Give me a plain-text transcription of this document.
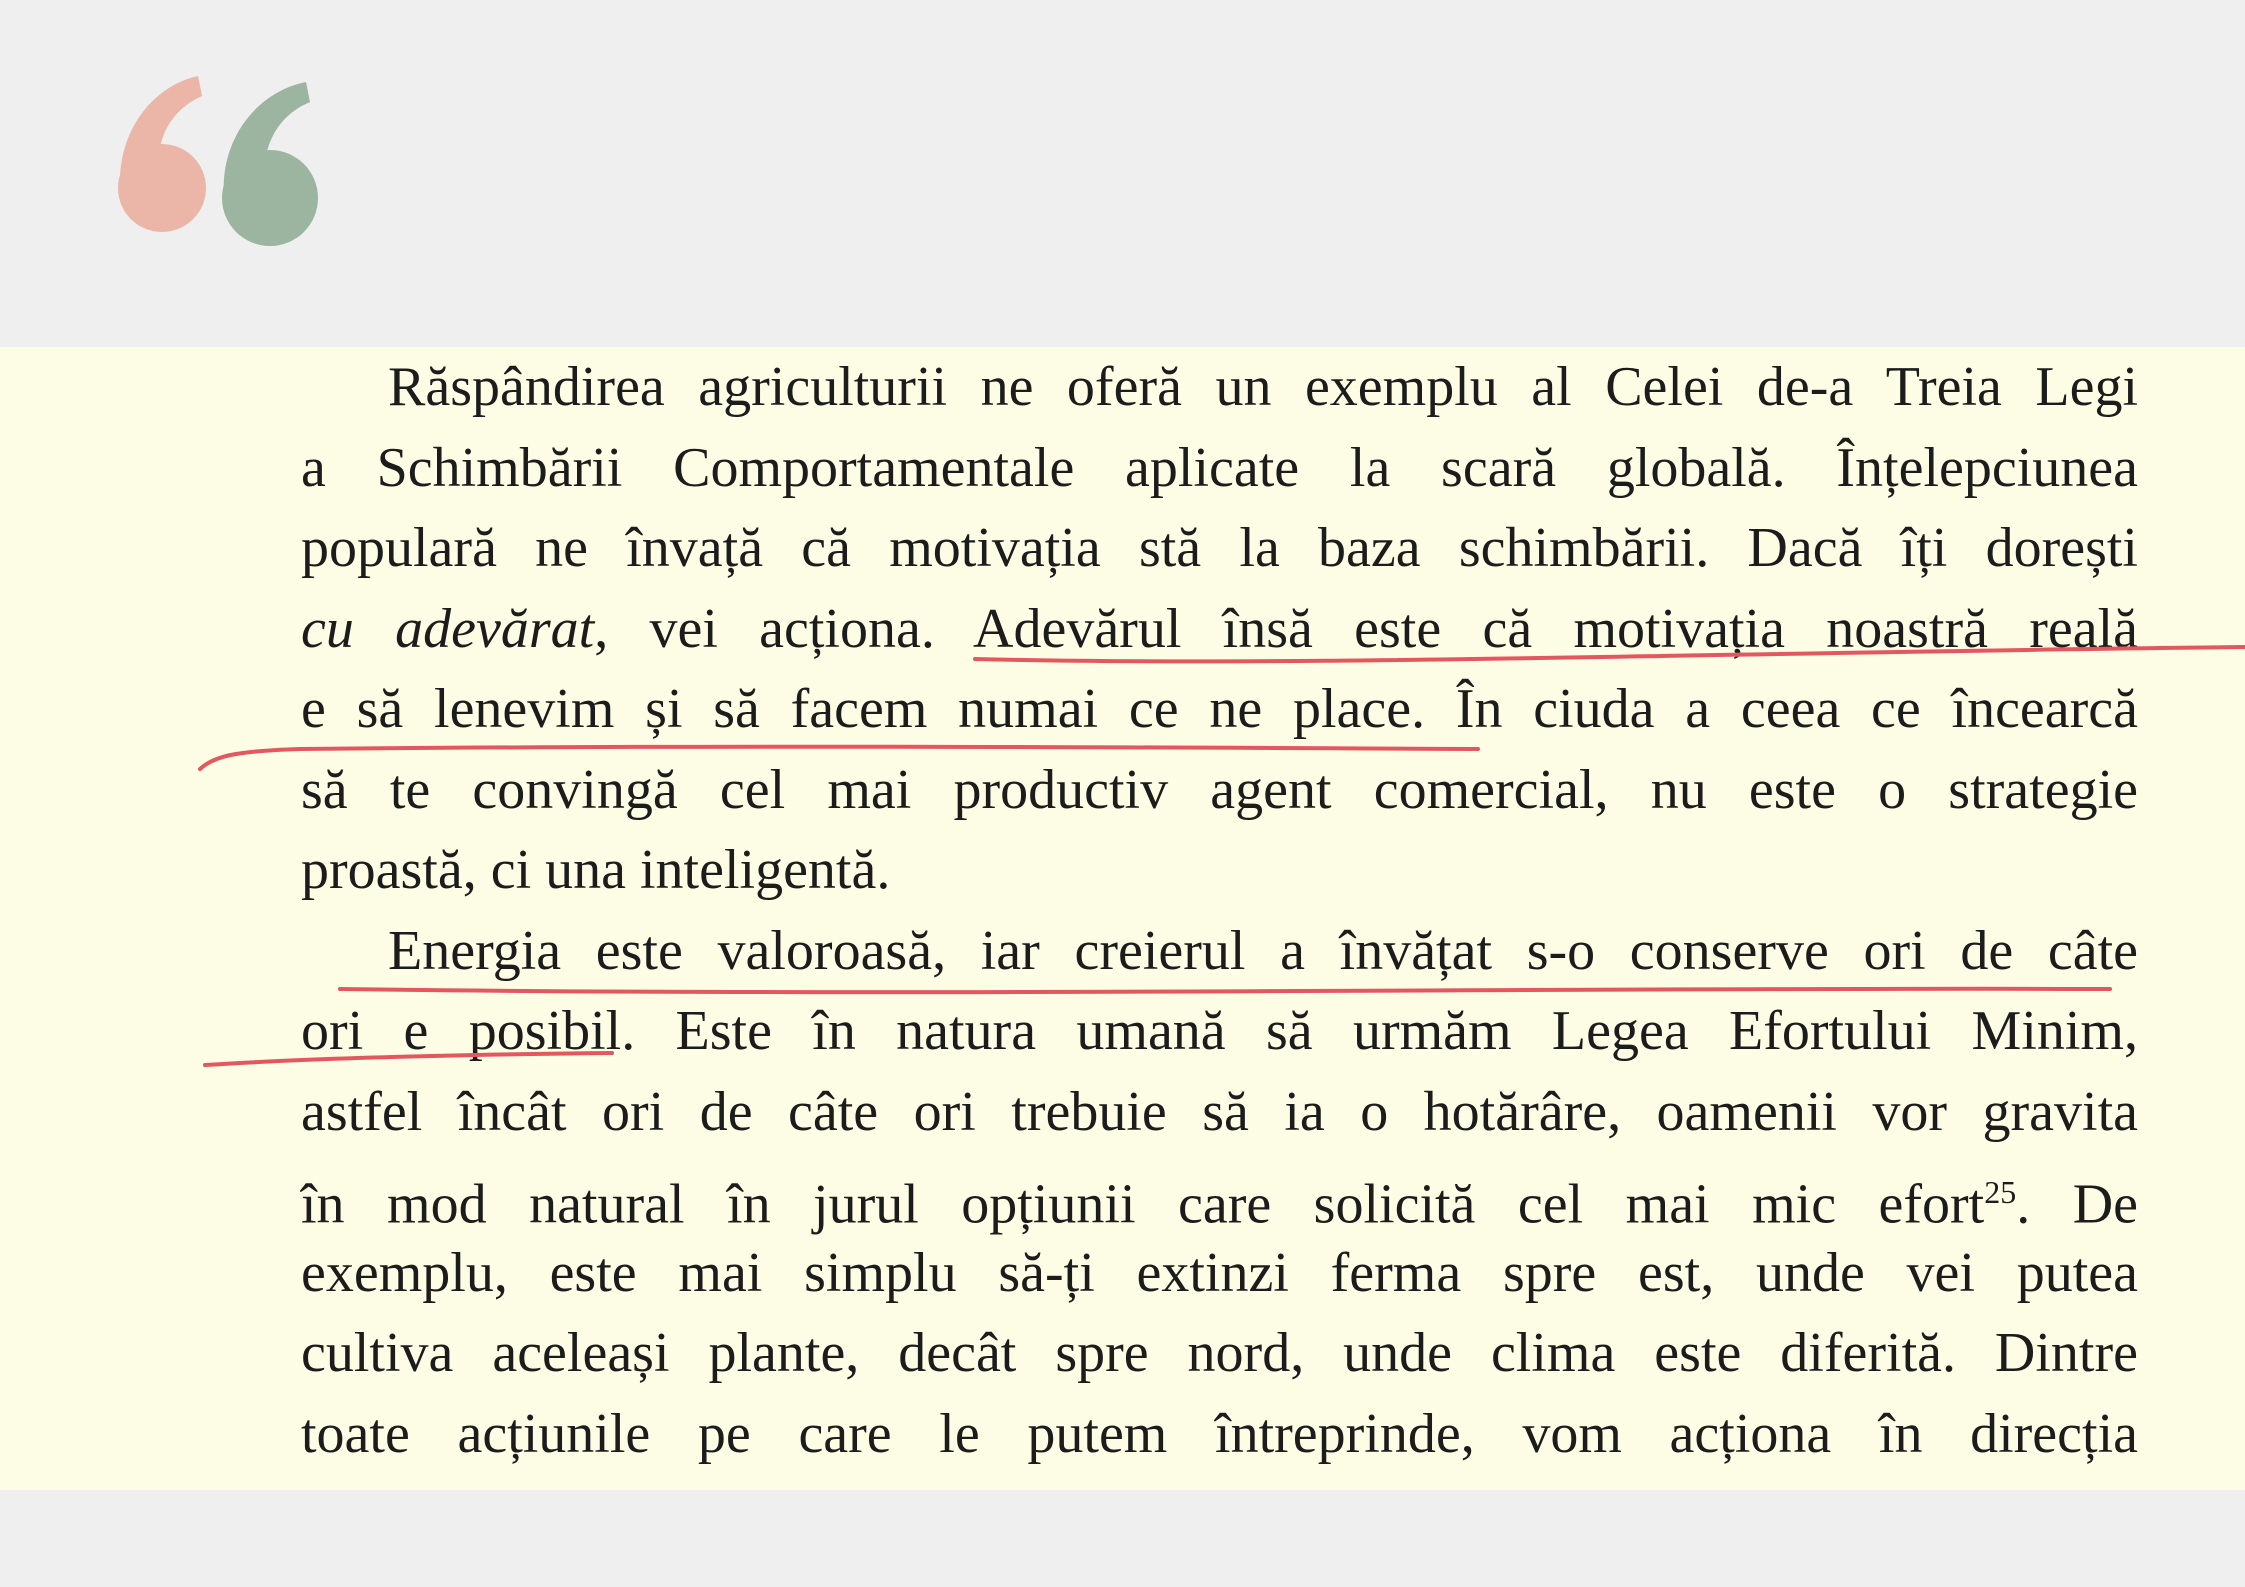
Răspândirea agriculturii ne oferă un exemplu al Celei de-a Treia Legi
a Schimbării Comportamentale aplicate la scară globală. Înțelepciunea
populară ne învață că motivația stă la baza schimbării. Dacă îți dorești
cu adevărat, vei acționa. Adevărul însă este că motivația noastră reală
e să lenevim și să facem numai ce ne place. În ciuda a ceea ce încearcă
să te convingă cel mai productiv agent comercial, nu este o strategie
proastă, ci una inteligentă.
Energia este valoroasă, iar creierul a învățat s-o conserve ori de câte
ori e posibil. Este în natura umană să urmăm Legea Efortului Minim,
astfel încât ori de câte ori trebuie să ia o hotărâre, oamenii vor gravita
în mod natural în jurul opțiunii care solicită cel mai mic efort$^{25}$. De
exemplu, este mai simplu să-ți extinzi ferma spre est, unde vei putea
cultiva aceleași plante, decât spre nord, unde clima este diferită. Dintre
toate acțiunile pe care le putem întreprinde, vom acționa în direcția
